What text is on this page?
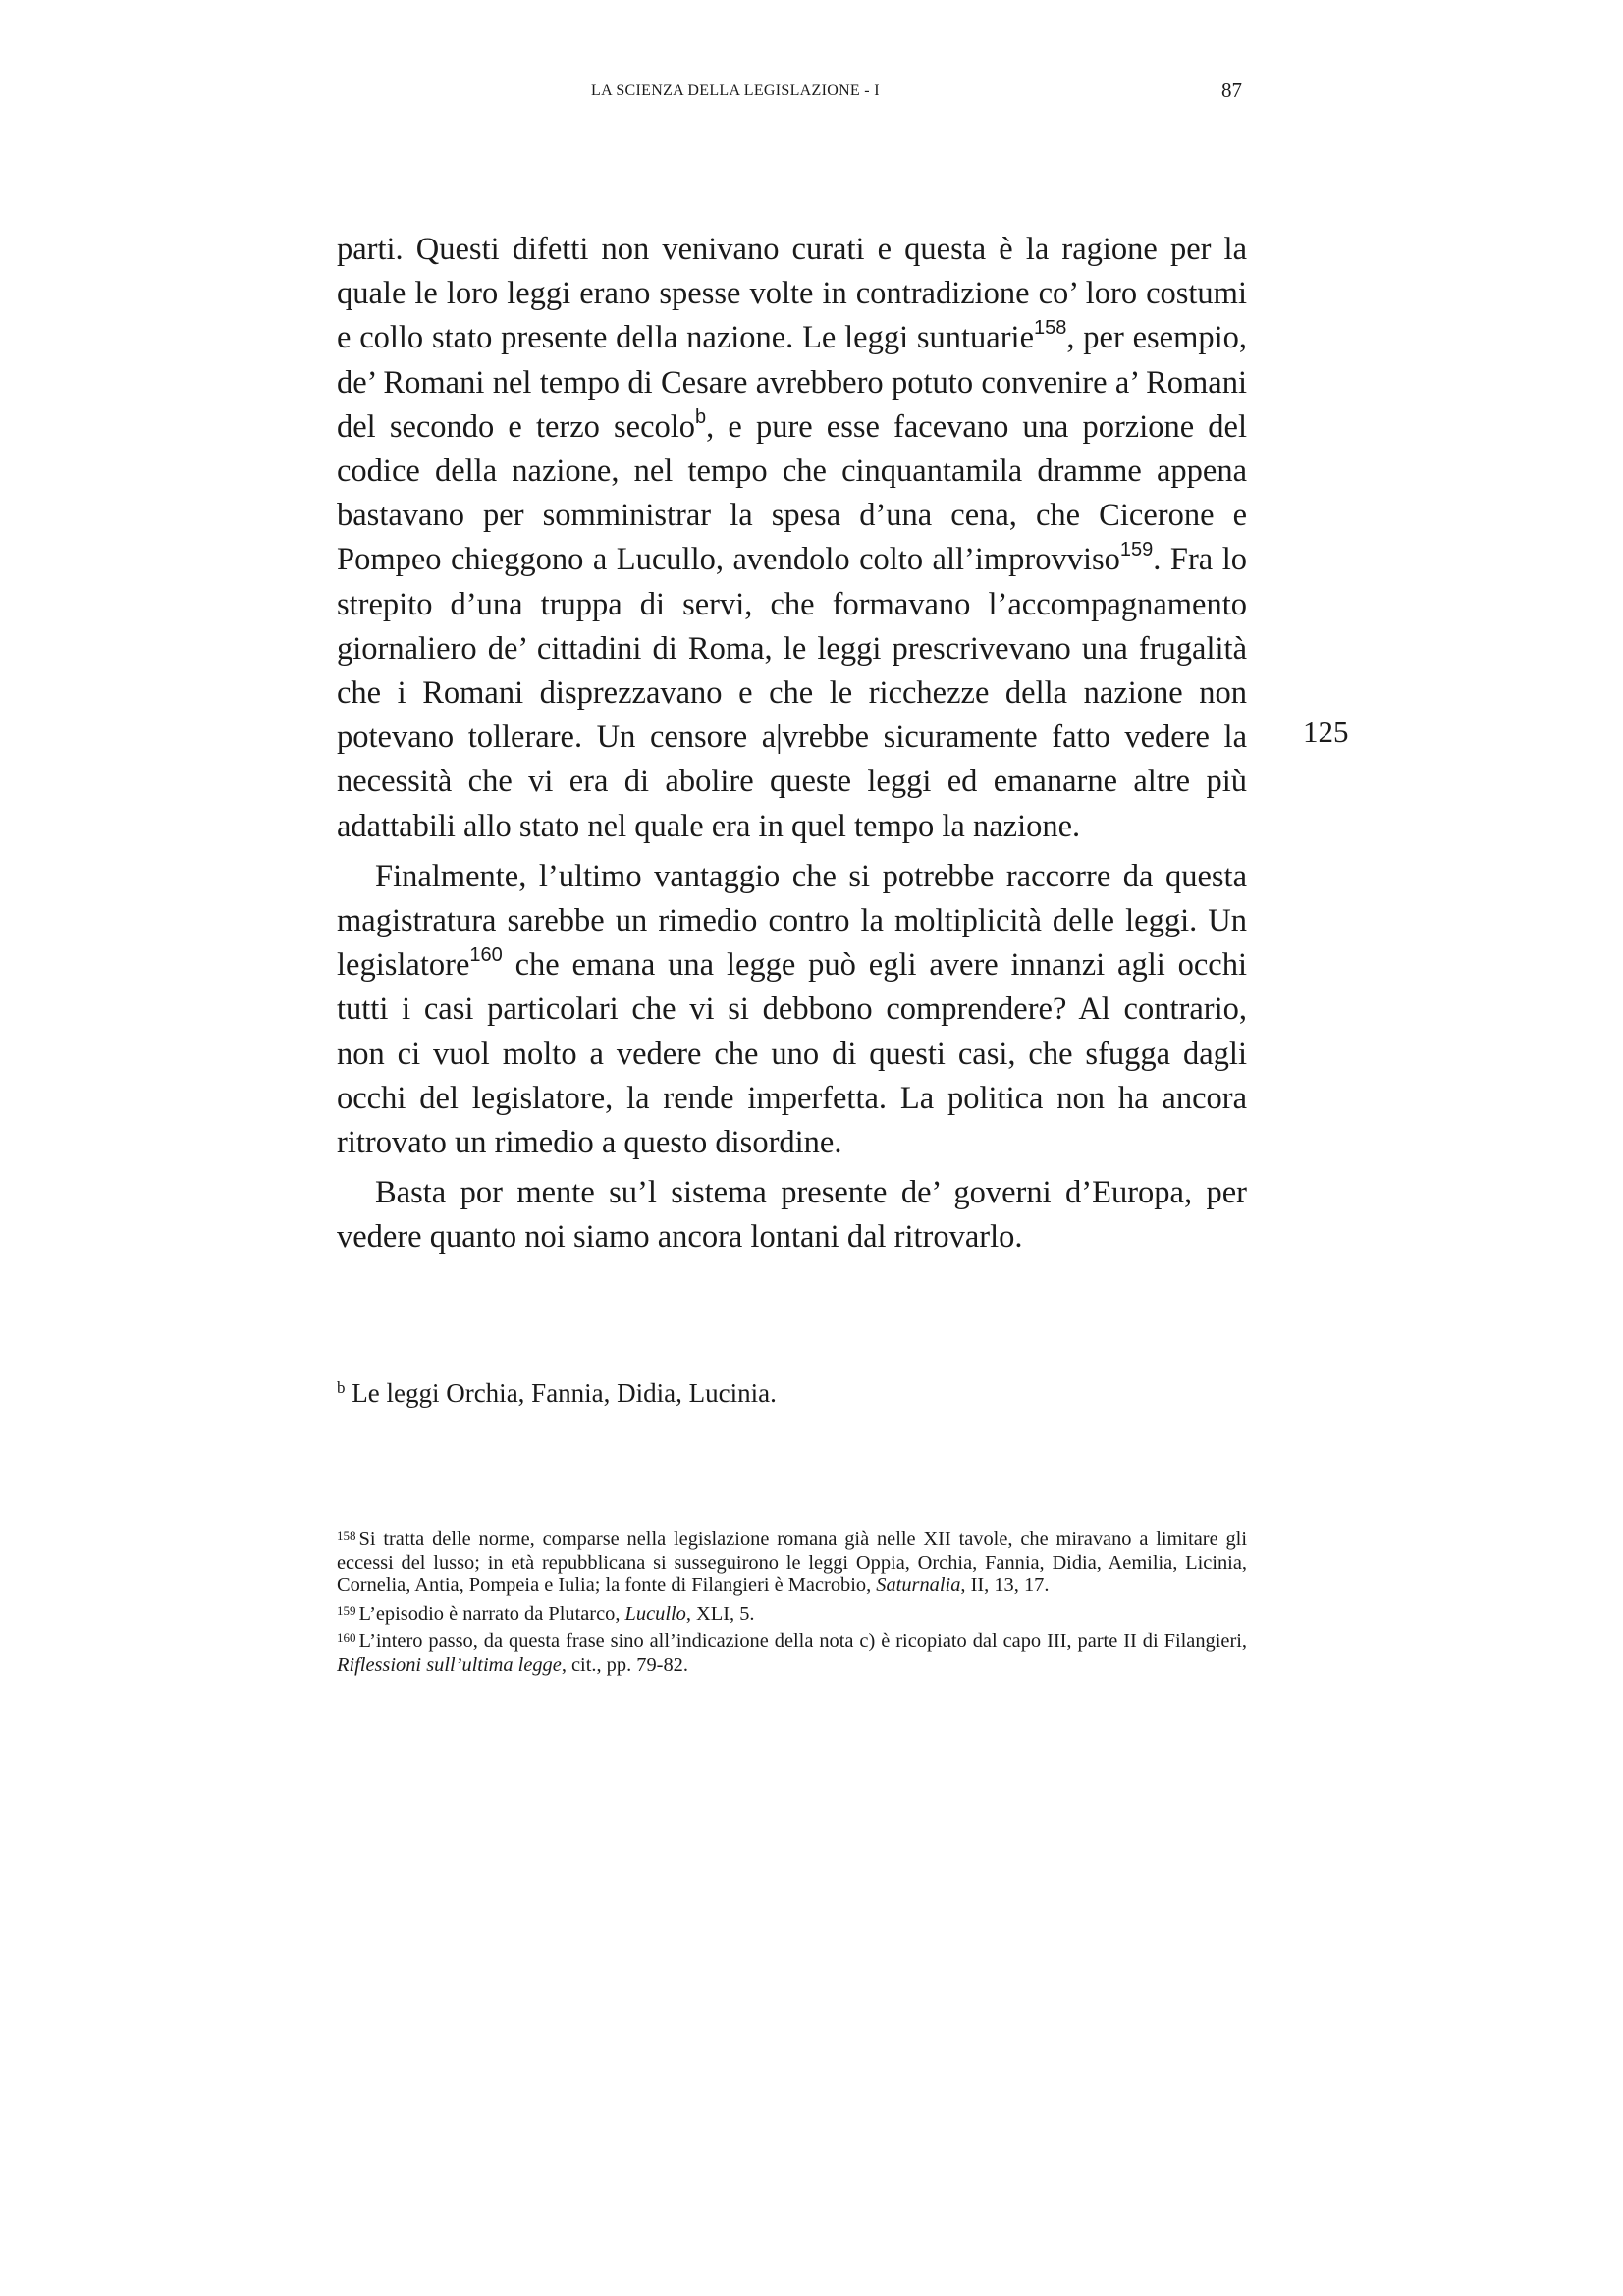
LA SCIENZA DELLA LEGISLAZIONE - I	87

parti. Questi difetti non venivano curati e questa è la ragione per la quale le loro leggi erano spesse volte in contradizione co’ loro costumi e collo stato presente della nazione. Le leggi suntuarie$^{158}$, per esempio, de’ Romani nel tempo di Cesare avrebbero potuto convenire a’ Romani del secondo e terzo secolo$^b$, e pure esse facevano una porzione del codice della nazione, nel tempo che cinquantamila dramme appena bastavano per somministrar la spesa d’una cena, che Cicerone e Pompeo chieggono a Lucullo, avendolo colto all’improvviso$^{159}$. Fra lo strepito d’una truppa di servi, che formavano l’accompagnamento giornaliero de’ cittadini di Roma, le leggi prescrivevano una frugalità che i Romani disprezzavano e che le ricchezze della nazione non potevano tollerare. Un censore a|vrebbe sicuramente fatto vedere la necessità che vi era di abolire queste leggi ed emanarne altre più adattabili allo stato nel quale era in quel tempo la nazione.

Finalmente, l’ultimo vantaggio che si potrebbe raccorre da questa magistratura sarebbe un rimedio contro la moltiplicità delle leggi. Un legislatore$^{160}$ che emana una legge può egli avere innanzi agli occhi tutti i casi particolari che vi si debbono comprendere? Al contrario, non ci vuol molto a vedere che uno di questi casi, che sfugga dagli occhi del legislatore, la rende imperfetta. La politica non ha ancora ritrovato un rimedio a questo disordine.

Basta por mente su’l sistema presente de’ governi d’Europa, per vedere quanto noi siamo ancora lontani dal ritrovarlo.

125
$^b$ Le leggi Orchia, Fannia, Didia, Lucinia.

$^{158}$ Si tratta delle norme, comparse nella legislazione romana già nelle XII tavole, che miravano a limitare gli eccessi del lusso; in età repubblicana si susseguirono le leggi Oppia, Orchia, Fannia, Didia, Aemilia, Licinia, Cornelia, Antia, Pompeia e Iulia; la fonte di Filangieri è Macrobio, Saturnalia, II, 13, 17.

$^{159}$ L’episodio è narrato da Plutarco, Lucullo, XLI, 5.

$^{160}$ L’intero passo, da questa frase sino all’indicazione della nota c) è ricopiato dal capo III, parte II di Filangieri, Riflessioni sull’ultima legge, cit., pp. 79-82.
